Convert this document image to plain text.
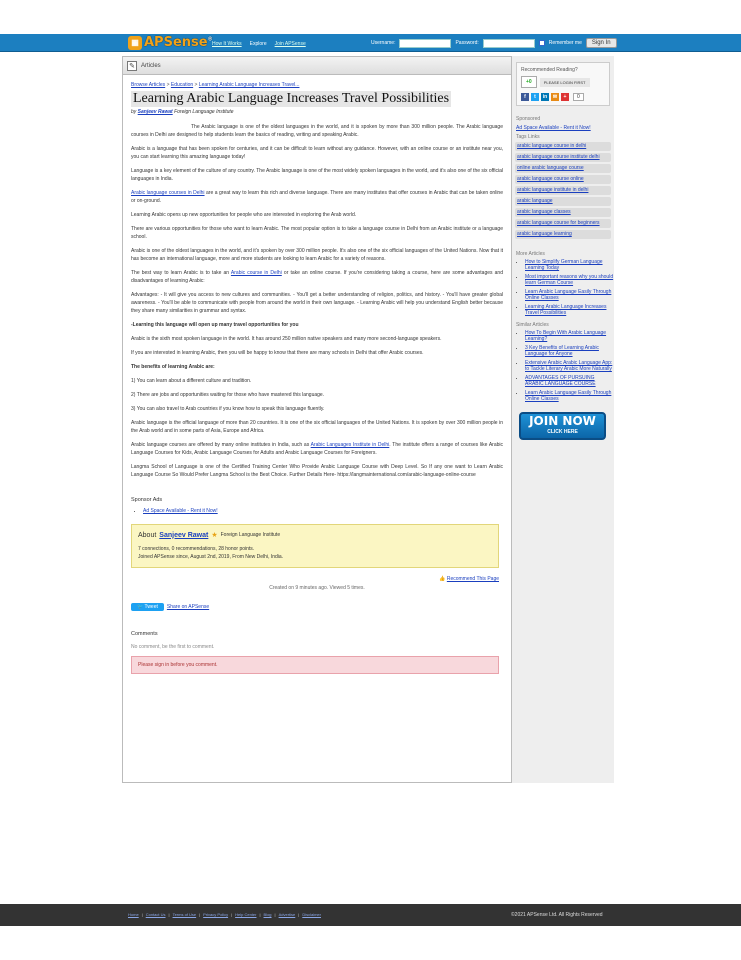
▦ APSense®
How It Works Explore Join APSense	Username:	Password:	Remember me	Sign In
✎	Articles
Browse Articles > Education > Learning Arabic Language Increases Travel...
Learning Arabic Language Increases Travel Possibilities
by Sanjeev Rawat Foreign Language Institute

The Arabic language is one of the oldest languages in the world, and it is spoken by more than 300 million people. The Arabic language courses in Delhi are designed to help students learn the basics of reading, writing and speaking Arabic.

Arabic is a language that has been spoken for centuries, and it can be difficult to learn without any guidance. However, with an online course or an institute near you, you can start learning this amazing language today!

Language is a key element of the culture of any country. The Arabic language is one of the most widely spoken languages in the world, and it's also one of the six official languages in India.

Arabic language courses in Delhi are a great way to learn this rich and diverse language. There are many institutes that offer courses in Arabic that can be taken online or on-ground.

Learning Arabic opens up new opportunities for people who are interested in exploring the Arab world.

There are various opportunities for those who want to learn Arabic. The most popular option is to take a language course in Delhi from an Arabic institute or a language school.

Arabic is one of the oldest languages in the world, and it's spoken by over 300 million people. It's also one of the six official languages of the United Nations. Now that it has become an international language, more and more students are looking to learn Arabic for a variety of reasons.

The best way to learn Arabic is to take an Arabic course in Delhi or take an online course. If you're considering taking a course, here are some advantages and disadvantages of learning Arabic:

Advantages: - It will give you access to new cultures and communities. - You'll get a better understanding of religion, politics, and history. - You'll have greater global awareness. - You'll be able to communicate with people from around the world in their own language. - Learning Arabic will help you understand English better because they share many similarities in grammar and syntax.

-Learning this language will open up many travel opportunities for you

Arabic is the sixth most spoken language in the world. It has around 250 million native speakers and many more second-language speakers.

If you are interested in learning Arabic, then you will be happy to know that there are many schools in Delhi that offer Arabic courses.

The benefits of learning Arabic are:

1) You can learn about a different culture and tradition.

2) There are jobs and opportunities waiting for those who have mastered this language.

3) You can also travel to Arab countries if you know how to speak this language fluently.

Arabic language is the official language of more than 20 countries. It is one of the six official languages of the United Nations. It is spoken by over 300 million people in the Arab world and in some parts of Asia, Europe and Africa.

Arabic language courses are offered by many online institutes in India, such as Arabic Languages Institute in Delhi. The institute offers a range of courses like Arabic Language Courses for Kids, Arabic Language Courses for Adults and Arabic Language Courses for Foreigners.

Langma School of Language is one of the Certified Training Center Who Provide Arabic Language Course with Deep Level. So If any one want to Learn Arabic Language Course So Would Prefer Langma School is the Best Choice. Further Details Here- https://langmainternational.com/arabic-language-online-course

Sponsor Ads
• Ad Space Available - Rent it Now!
About Sanjeev Rawat ★ Foreign Language Institute
7 connections, 0 recommendations, 28 honor points.
Joined APSense since, August 2nd, 2019, From New Delhi, India.
👍 Recommend This Page
Created on 9 minutes ago. Viewed 5 times.
🐦 Tweet	Share on APSense
Comments
No comment, be the first to comment.
Please sign in before you comment.
Recommended Reading?
+0	PLEASE LOGIN FIRST
f	t	in	✉	+	0
Sponsored
Ad Space Available - Rent it Now!
Tags Links
arabic language course in delhi
arabic language course institute delhi
online arabic language course
arabic language course online
arabic language institute in delhi
arabic language
arabic language classes
arabic language course for beginners
arabic language learning
More Articles
• How to Simplify German Language Learning Today
• Most important reasons why you should learn German Course
• Learn Arabic Language Easily Through Online Classes
• Learning Arabic Language Increases Travel Possibilities
Similar Articles
• How To Begin With Arabic Language Learning?
• 3 Key Benefits of Learning Arabic Language for Anyone
• Extensive Arabic Arabic Language App: to Tackle Literary Arabic More Naturally
• ADVANTAGES OF PURSUING ARABIC LANGUAGE COURSE
• Learn Arabic Language Easily Through Online Classes
JOIN NOW
CLICK HERE
Home | Contact Us | Terms of Use | Privacy Policy | Help Center | Blog | Advertise | Disclaimer	©2021 APSense Ltd. All Rights Reserved
